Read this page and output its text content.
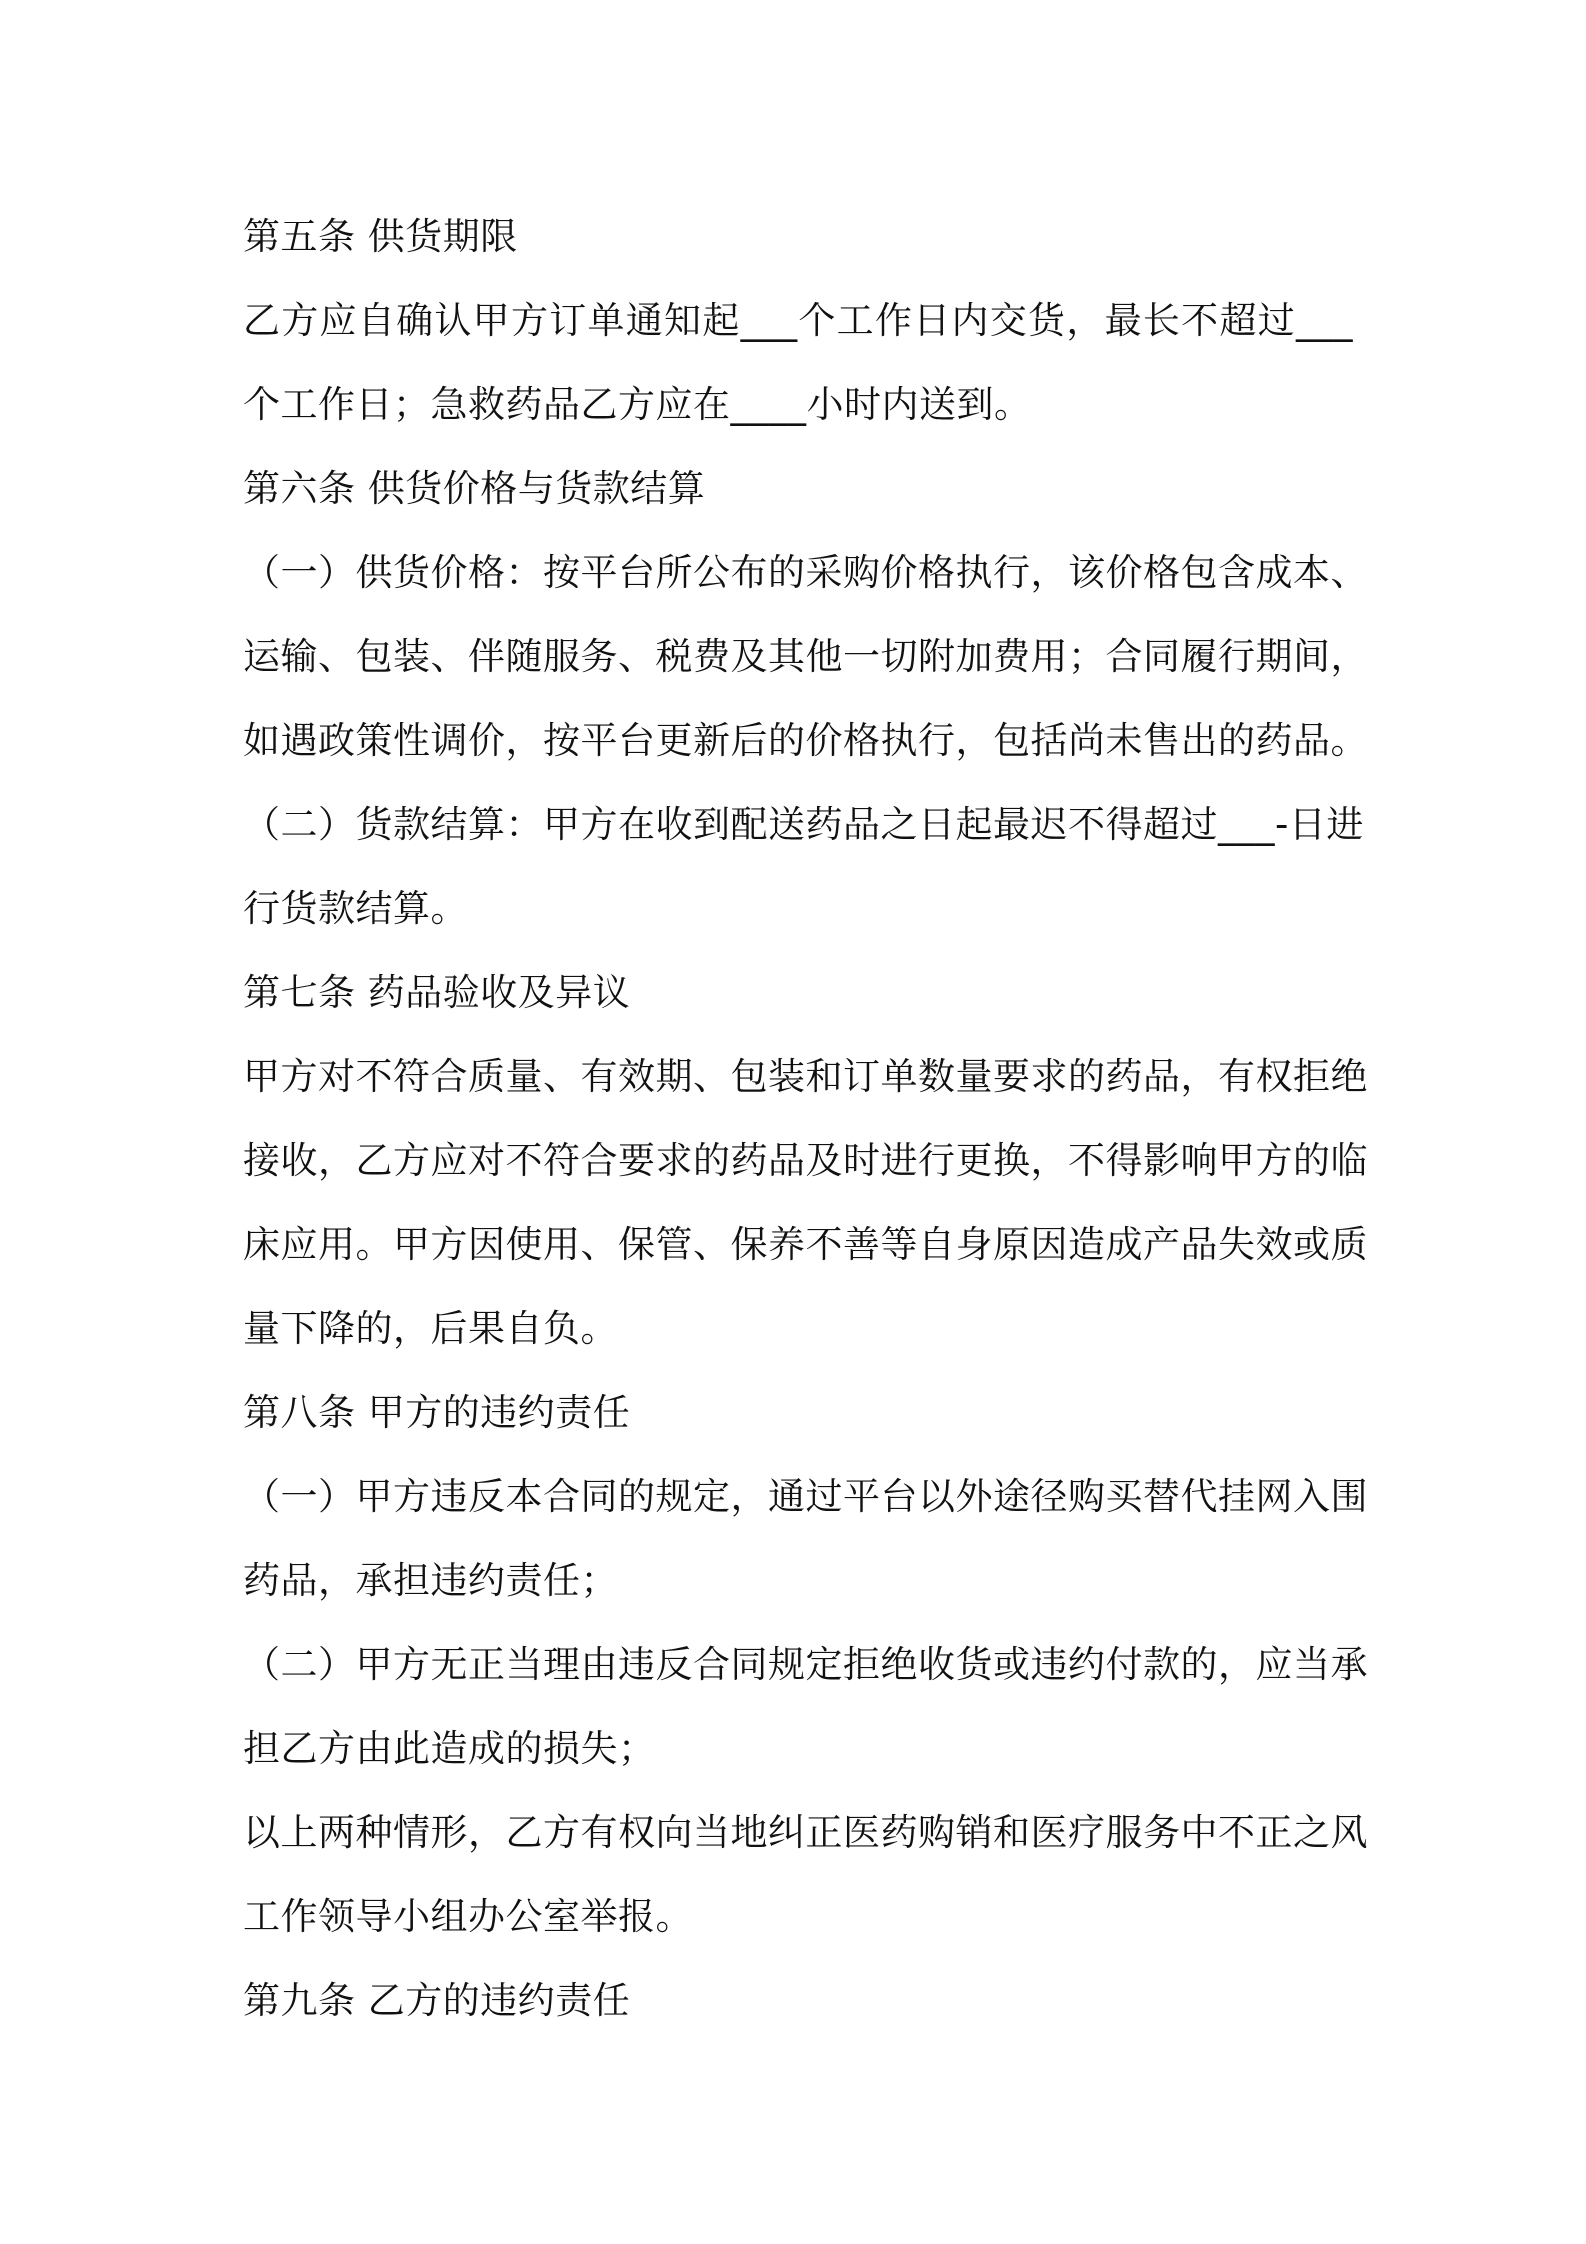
第五条 供货期限
乙方应自确认甲方订单通知起___个工作日内交货，最长不超过___
个工作日；急救药品乙方应在____小时内送到。
第六条 供货价格与货款结算
（一）供货价格：按平台所公布的采购价格执行，该价格包含成本、
运输、包装、伴随服务、税费及其他一切附加费用；合同履行期间，
如遇政策性调价，按平台更新后的价格执行，包括尚未售出的药品。
（二）货款结算：甲方在收到配送药品之日起最迟不得超过___-日进
行货款结算。
第七条 药品验收及异议
甲方对不符合质量、有效期、包装和订单数量要求的药品，有权拒绝
接收，乙方应对不符合要求的药品及时进行更换，不得影响甲方的临
床应用。甲方因使用、保管、保养不善等自身原因造成产品失效或质
量下降的，后果自负。
第八条 甲方的违约责任
（一）甲方违反本合同的规定，通过平台以外途径购买替代挂网入围
药品，承担违约责任；
（二）甲方无正当理由违反合同规定拒绝收货或违约付款的，应当承
担乙方由此造成的损失；
以上两种情形，乙方有权向当地纠正医药购销和医疗服务中不正之风
工作领导小组办公室举报。
第九条 乙方的违约责任
